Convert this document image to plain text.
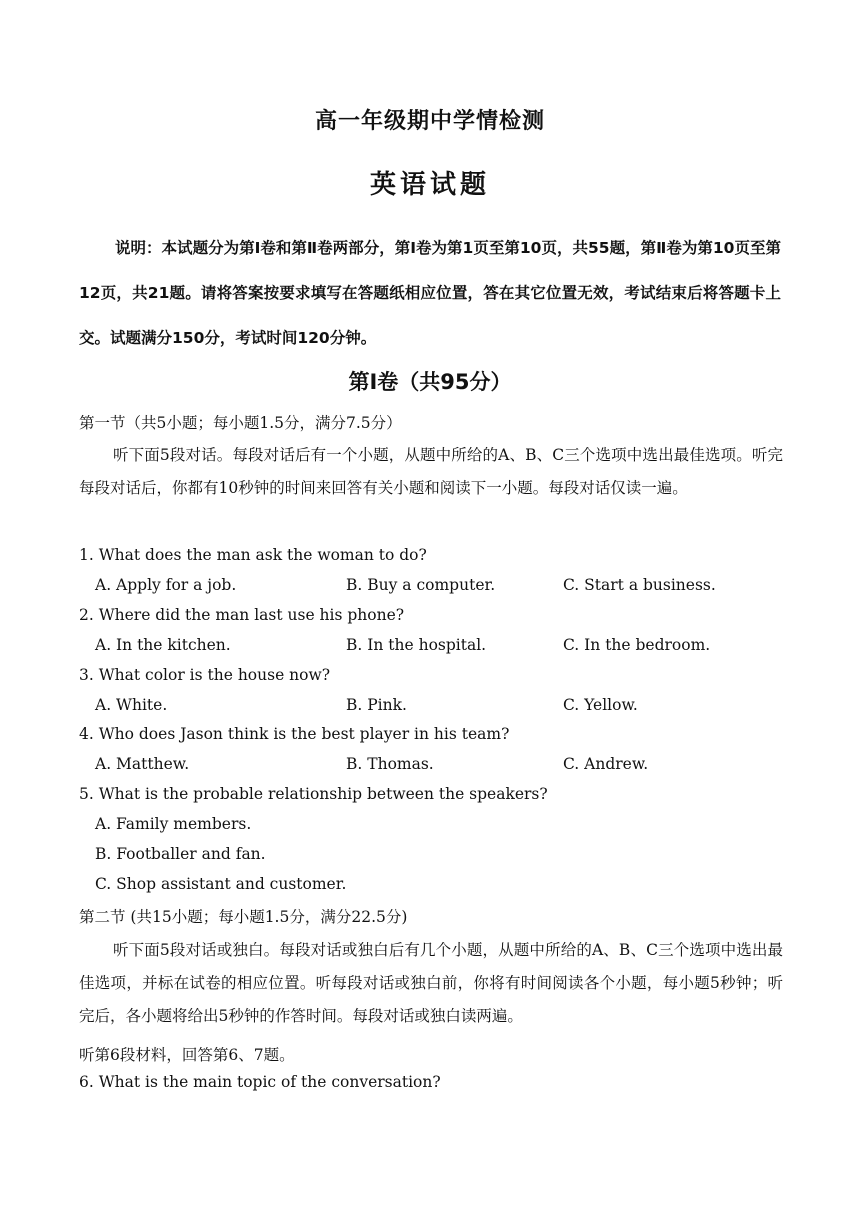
高一年级期中学情检测
英语试题
说明：本试题分为第Ⅰ卷和第Ⅱ卷两部分，第Ⅰ卷为第1页至第10页，共55题，第Ⅱ卷为第10页至第12页，共21题。请将答案按要求填写在答题纸相应位置，答在其它位置无效，考试结束后将答题卡上交。试题满分150分，考试时间120分钟。
第Ⅰ卷（共95分）
第一节（共5小题；每小题1.5分，满分7.5分）
听下面5段对话。每段对话后有一个小题，从题中所给的A、B、C三个选项中选出最佳选项。听完每段对话后，你都有10秒钟的时间来回答有关小题和阅读下一小题。每段对话仅读一遍。
1. What does the man ask the woman to do?
A. Apply for a job.	B. Buy a computer.	C. Start a business.
2. Where did the man last use his phone?
A. In the kitchen.	B. In the hospital.	C. In the bedroom.
3. What color is the house now?
A. White.	B. Pink.	C. Yellow.
4. Who does Jason think is the best player in his team?
A. Matthew.	B. Thomas.	C. Andrew.
5. What is the probable relationship between the speakers?
A. Family members.
B. Footballer and fan.
C. Shop assistant and customer.
第二节 (共15小题；每小题1.5分，满分22.5分)
听下面5段对话或独白。每段对话或独白后有几个小题，从题中所给的A、B、C三个选项中选出最佳选项，并标在试卷的相应位置。听每段对话或独白前，你将有时间阅读各个小题，每小题5秒钟；听完后，各小题将给出5秒钟的作答时间。每段对话或独白读两遍。
听第6段材料，回答第6、7题。
6. What is the main topic of the conversation?
